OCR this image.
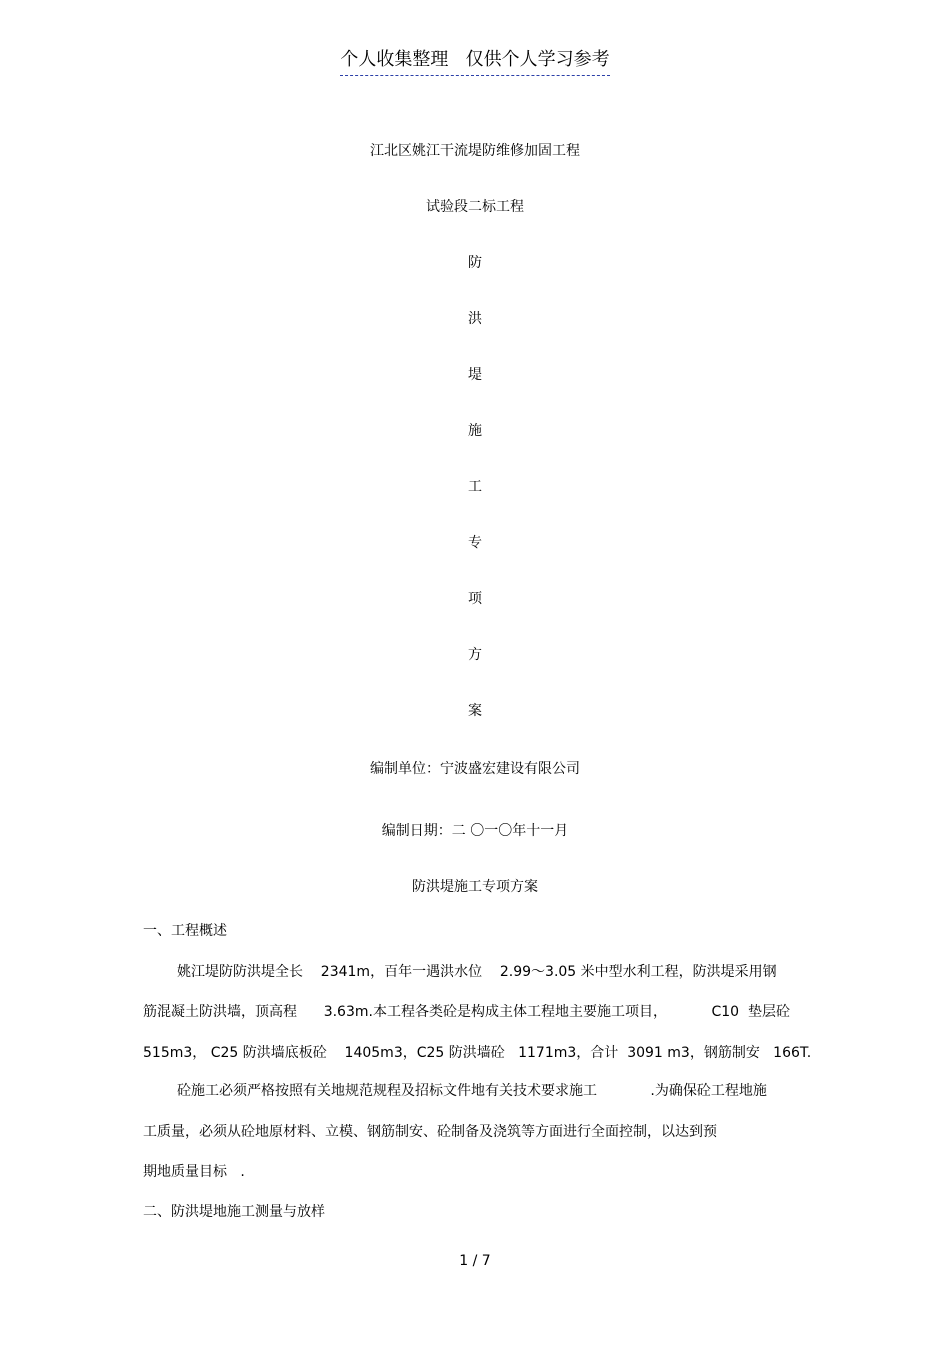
个人收集整理   仅供个人学习参考
江北区姚江干流堤防维修加固工程
试验段二标工程
防
洪
堤
施
工
专
项
方
案
编制单位：宁波盛宏建设有限公司
编制日期：二 〇一〇年十一月
防洪堤施工专项方案
一、工程概述
姚江堤防防洪堤全长    2341m，百年一遇洪水位    2.99～3.05 米中型水利工程，防洪堤采用钢
筋混凝土防洪墙，顶高程      3.63m.本工程各类砼是构成主体工程地主要施工项目，          C10  垫层砼
515m3， C25 防洪墙底板砼    1405m3，C25 防洪墙砼   1171m3，合计  3091 m3，钢筋制安   166T.
砼施工必须严格按照有关地规范规程及招标文件地有关技术要求施工            .为确保砼工程地施
工质量，必须从砼地原材料、立模、钢筋制安、砼制备及浇筑等方面进行全面控制，以达到预
期地质量目标   .
二、防洪堤地施工测量与放样
1 / 7
